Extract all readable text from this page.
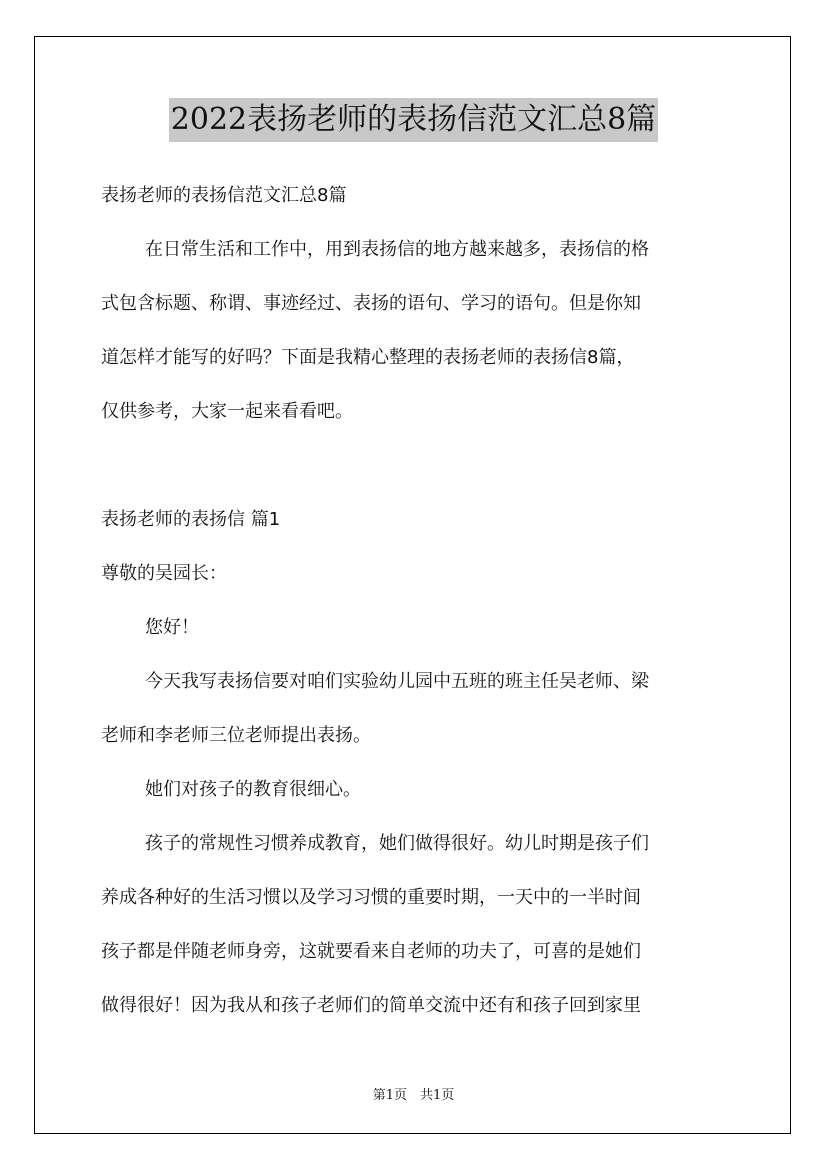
2022表扬老师的表扬信范文汇总8篇
表扬老师的表扬信范文汇总8篇
在日常生活和工作中，用到表扬信的地方越来越多，表扬信的格
式包含标题、称谓、事迹经过、表扬的语句、学习的语句。但是你知
道怎样才能写的好吗？下面是我精心整理的表扬老师的表扬信8篇，
仅供参考，大家一起来看看吧。
表扬老师的表扬信 篇1
尊敬的吴园长：
您好！
今天我写表扬信要对咱们实验幼儿园中五班的班主任吴老师、梁
老师和李老师三位老师提出表扬。
她们对孩子的教育很细心。
孩子的常规性习惯养成教育，她们做得很好。幼儿时期是孩子们
养成各种好的生活习惯以及学习习惯的重要时期，一天中的一半时间
孩子都是伴随老师身旁，这就要看来自老师的功夫了，可喜的是她们
做得很好！因为我从和孩子老师们的简单交流中还有和孩子回到家里
第1页　共1页
